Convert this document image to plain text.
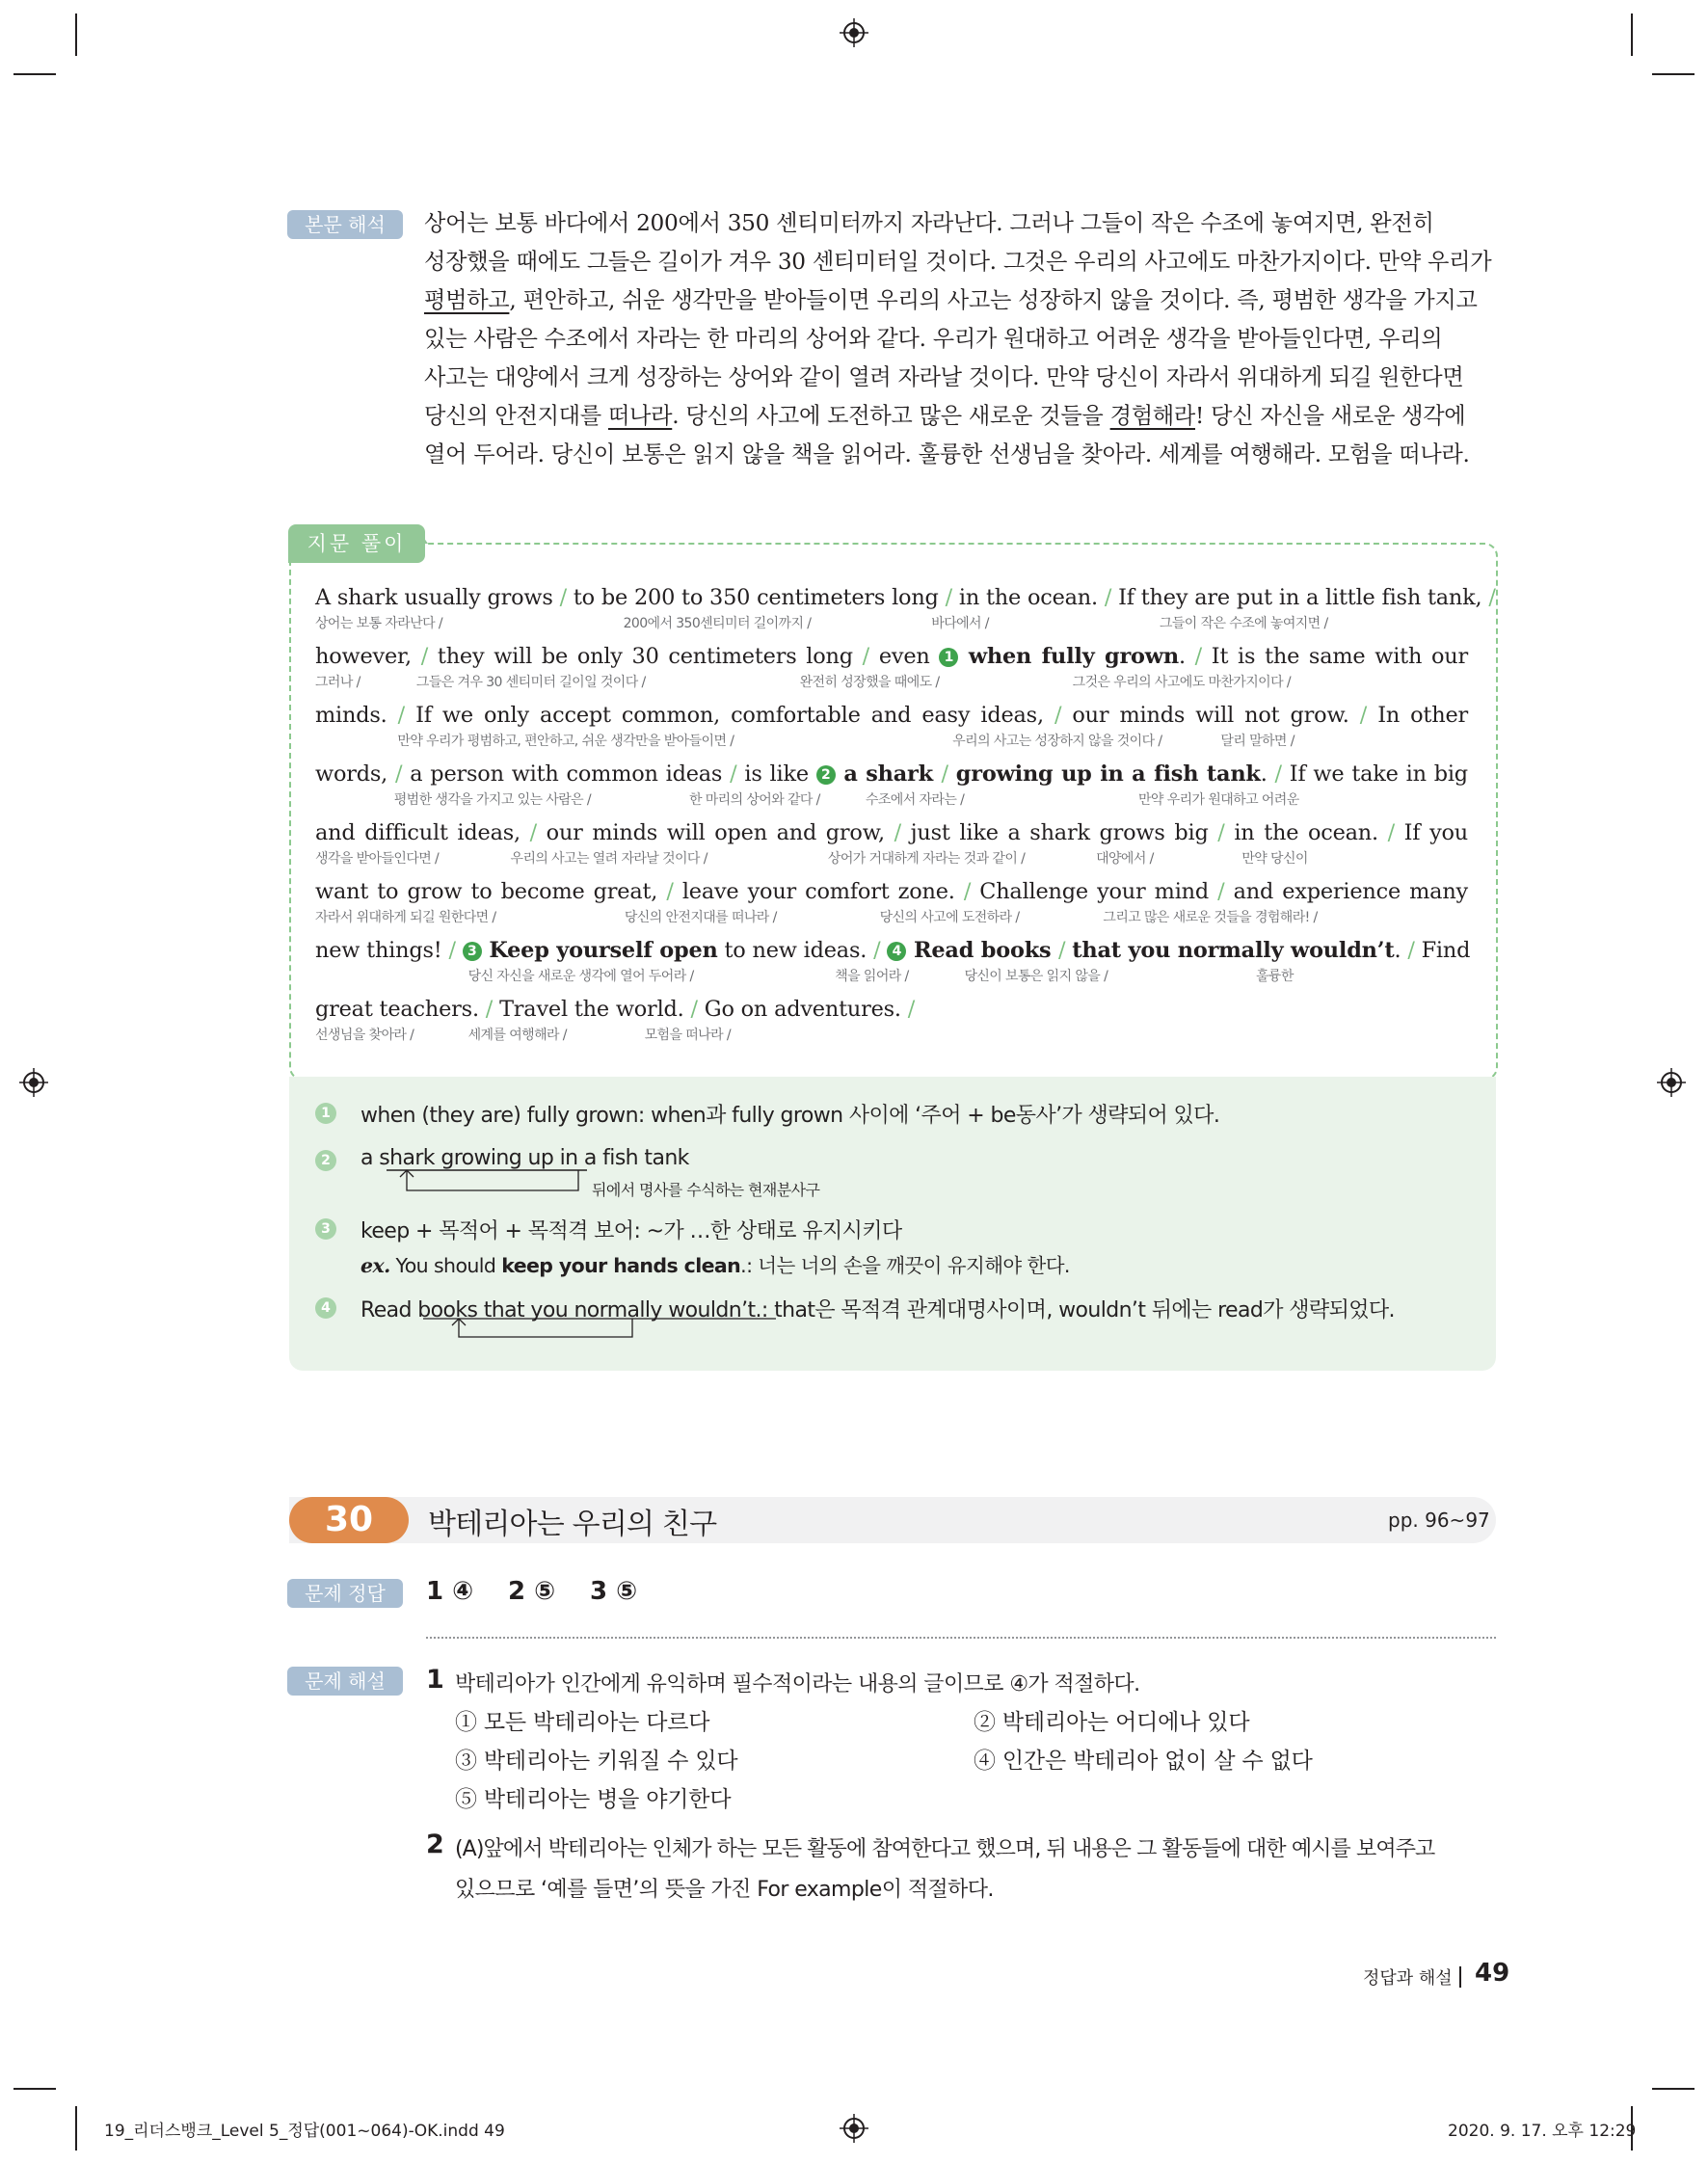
본문 해석	상어는 보통 바다에서 200에서 350 센티미터까지 자라난다. 그러나 그들이 작은 수조에 놓여지면, 완전히

성장했을 때에도 그들은 길이가 겨우 30 센티미터일 것이다. 그것은 우리의 사고에도 마찬가지이다. 만약 우리가

평범하고, 편안하고, 쉬운 생각만을 받아들이면 우리의 사고는 성장하지 않을 것이다. 즉, 평범한 생각을 가지고

있는 사람은 수조에서 자라는 한 마리의 상어와 같다. 우리가 원대하고 어려운 생각을 받아들인다면, 우리의

사고는 대양에서 크게 성장하는 상어와 같이 열려 자라날 것이다. 만약 당신이 자라서 위대하게 되길 원한다면

당신의 안전지대를 떠나라. 당신의 사고에 도전하고 많은 새로운 것들을 경험해라! 당신 자신을 새로운 생각에

열어 두어라. 당신이 보통은 읽지 않을 책을 읽어라. 훌륭한 선생님을 찾아라. 세계를 여행해라. 모험을 떠나라.

지문 풀이
A shark usually grows / to be 200 to 350 centimeters long / in the ocean. / If they are put in a little fish tank, /
상어는 보통 자라난다 /	200에서 350센티미터 길이까지 /	바다에서 /	그들이 작은 수조에 놓여지면 /
however, / they will be only 30 centimeters long / even 1 when fully grown. / It is the same with our
그러나 /	그들은 겨우 30 센티미터 길이일 것이다 /	완전히 성장했을 때에도 /	그것은 우리의 사고에도 마찬가지이다 /
minds. / If we only accept common, comfortable and easy ideas, / our minds will not grow. / In other
만약 우리가 평범하고, 편안하고, 쉬운 생각만을 받아들이면 /	우리의 사고는 성장하지 않을 것이다 /	달리 말하면 /
words, / a person with common ideas / is like 2 a shark / growing up in a fish tank. / If we take in big
평범한 생각을 가지고 있는 사람은 /	한 마리의 상어와 같다 /	수조에서 자라는 /	만약 우리가 원대하고 어려운
and difficult ideas, / our minds will open and grow, / just like a shark grows big / in the ocean. / If you
생각을 받아들인다면 /	우리의 사고는 열려 자라날 것이다 /	상어가 거대하게 자라는 것과 같이 /	대양에서 /	만약 당신이
want to grow to become great, / leave your comfort zone. / Challenge your mind / and experience many
자라서 위대하게 되길 원한다면 /	당신의 안전지대를 떠나라 /	당신의 사고에 도전하라 /	그리고 많은 새로운 것들을 경험해라! /
new things! / 3 Keep yourself open to new ideas. / 4 Read books / that you normally wouldn’t. / Find
당신 자신을 새로운 생각에 열어 두어라 /	책을 읽어라 /	당신이 보통은 읽지 않을 /	훌륭한
great teachers. / Travel the world. / Go on adventures. /
선생님을 찾아라 /	세계를 여행해라 /	모험을 떠나라 /
1 when (they are) fully grown: when과 fully grown 사이에 ‘주어 + be동사’가 생략되어 있다.
2 a shark growing up in a fish tank
뒤에서 명사를 수식하는 현재분사구
3 keep + 목적어 + 목적격 보어: ~가 …한 상태로 유지시키다
ex. You should keep your hands clean.: 너는 너의 손을 깨끗이 유지해야 한다.
4 Read books that you normally wouldn’t.: that은 목적격 관계대명사이며, wouldn’t 뒤에는 read가 생략되었다.
30	박테리아는 우리의 친구	pp. 96~97
문제 정답	1 ④ 2 ⑤ 3 ⑤
문제 해설	1 박테리아가 인간에게 유익하며 필수적이라는 내용의 글이므로 ④가 적절하다.
① 모든 박테리아는 다르다	② 박테리아는 어디에나 있다
③ 박테리아는 키워질 수 있다	④ 인간은 박테리아 없이 살 수 없다
⑤ 박테리아는 병을 야기한다
2 (A)앞에서 박테리아는 인체가 하는 모든 활동에 참여한다고 했으며, 뒤 내용은 그 활동들에 대한 예시를 보여주고
있으므로 ‘예를 들면’의 뜻을 가진 For example이 적절하다.
정답과 해설 49
19_리더스뱅크_Level 5_정답(001~064)-OK.indd 49	2020. 9. 17. 오후 12:29
